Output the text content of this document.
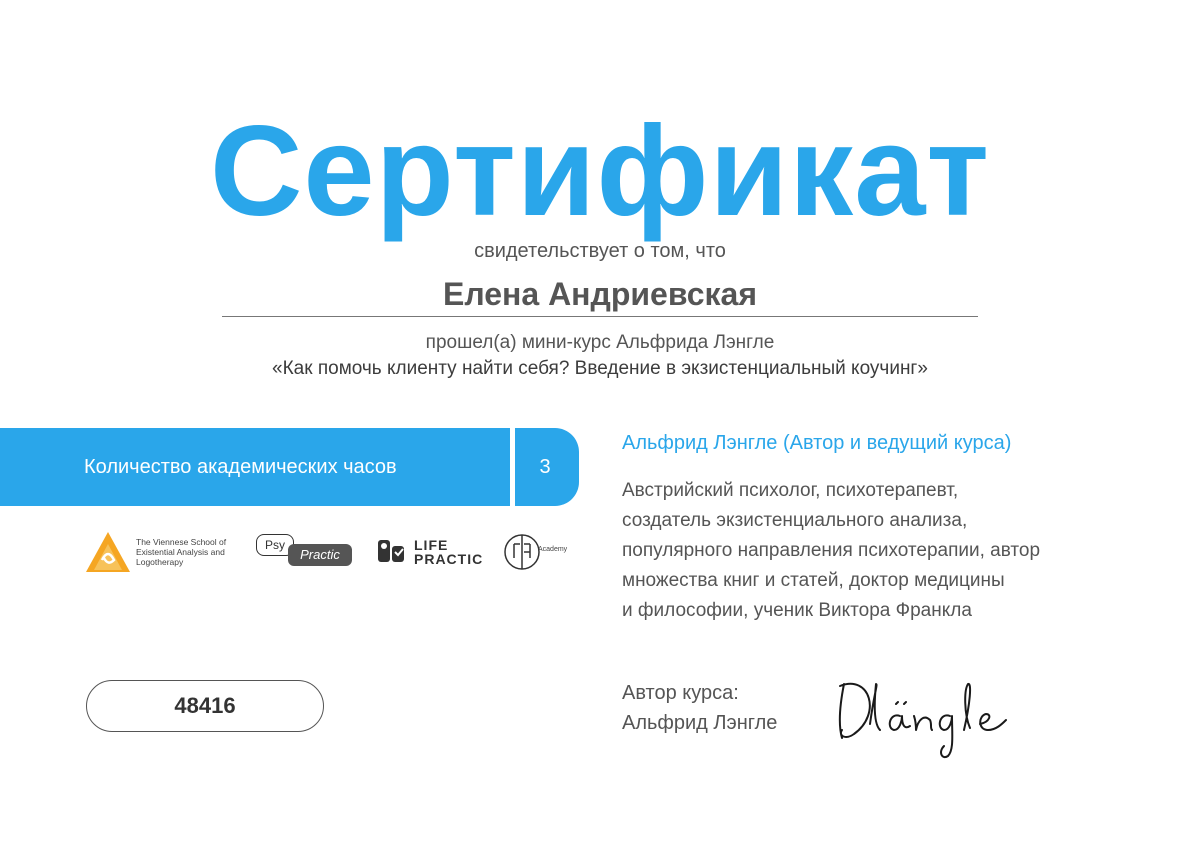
Сертификат
свидетельствует о том, что
Елена Андриевская
прошел(а) мини-курс Альфрида Лэнгле
«Как помочь клиенту найти себя? Введение в экзистенциальный коучинг»
Количество академических часов	3
The Viennese School of Existential Analysis and Logotherapy
Psy
Practic
LIFE
PRACTIC
Academy
48416
Альфрид Лэнгле (Автор и ведущий курса)
Австрийский психолог, психотерапевт,
создатель экзистенциального анализа,
популярного направления психотерапии, автор
множества книг и статей, доктор медицины
и философии, ученик Виктора Франкла
Автор курса:
Альфрид Лэнгле
